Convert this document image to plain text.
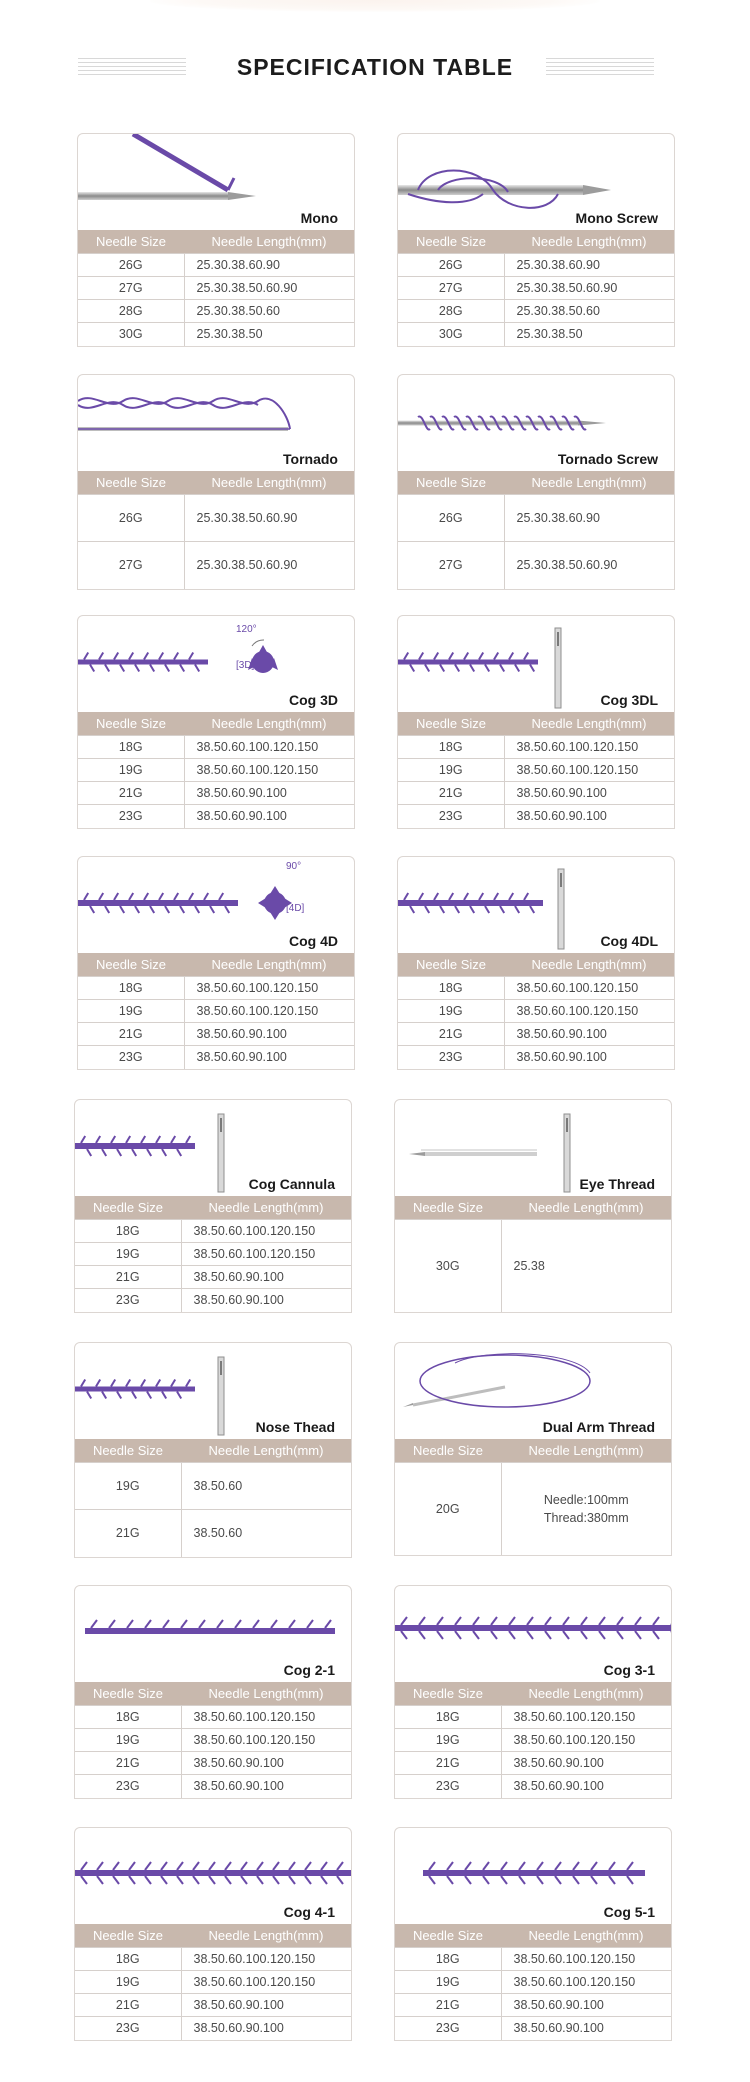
SPECIFICATION TABLE
Mono
Needle Size	Needle Length(mm)
26G	25.30.38.60.90
27G	25.30.38.50.60.90
28G	25.30.38.50.60
30G	25.30.38.50
Mono Screw
Needle Size	Needle Length(mm)
26G	25.30.38.60.90
27G	25.30.38.50.60.90
28G	25.30.38.50.60
30G	25.30.38.50
Tornado
Needle Size	Needle Length(mm)
26G	25.30.38.50.60.90
27G	25.30.38.50.60.90
Tornado Screw
Needle Size	Needle Length(mm)
26G	25.30.38.60.90
27G	25.30.38.50.60.90
120°
[3D]
Cog 3D
Needle Size	Needle Length(mm)
18G	38.50.60.100.120.150
19G	38.50.60.100.120.150
21G	38.50.60.90.100
23G	38.50.60.90.100
Cog 3DL
Needle Size	Needle Length(mm)
18G	38.50.60.100.120.150
19G	38.50.60.100.120.150
21G	38.50.60.90.100
23G	38.50.60.90.100
90°
[4D]
Cog 4D
Needle Size	Needle Length(mm)
18G	38.50.60.100.120.150
19G	38.50.60.100.120.150
21G	38.50.60.90.100
23G	38.50.60.90.100
Cog 4DL
Needle Size	Needle Length(mm)
18G	38.50.60.100.120.150
19G	38.50.60.100.120.150
21G	38.50.60.90.100
23G	38.50.60.90.100
Cog Cannula
Needle Size	Needle Length(mm)
18G	38.50.60.100.120.150
19G	38.50.60.100.120.150
21G	38.50.60.90.100
23G	38.50.60.90.100
Eye Thread
Needle Size	Needle Length(mm)
30G	25.38
Nose Thead
Needle Size	Needle Length(mm)
19G	38.50.60
21G	38.50.60
Dual Arm Thread
Needle Size	Needle Length(mm)
20G	Needle:100mm Thread:380mm
Cog 2-1
Needle Size	Needle Length(mm)
18G	38.50.60.100.120.150
19G	38.50.60.100.120.150
21G	38.50.60.90.100
23G	38.50.60.90.100
Cog 3-1
Needle Size	Needle Length(mm)
18G	38.50.60.100.120.150
19G	38.50.60.100.120.150
21G	38.50.60.90.100
23G	38.50.60.90.100
Cog 4-1
Needle Size	Needle Length(mm)
18G	38.50.60.100.120.150
19G	38.50.60.100.120.150
21G	38.50.60.90.100
23G	38.50.60.90.100
Cog 5-1
Needle Size	Needle Length(mm)
18G	38.50.60.100.120.150
19G	38.50.60.100.120.150
21G	38.50.60.90.100
23G	38.50.60.90.100
